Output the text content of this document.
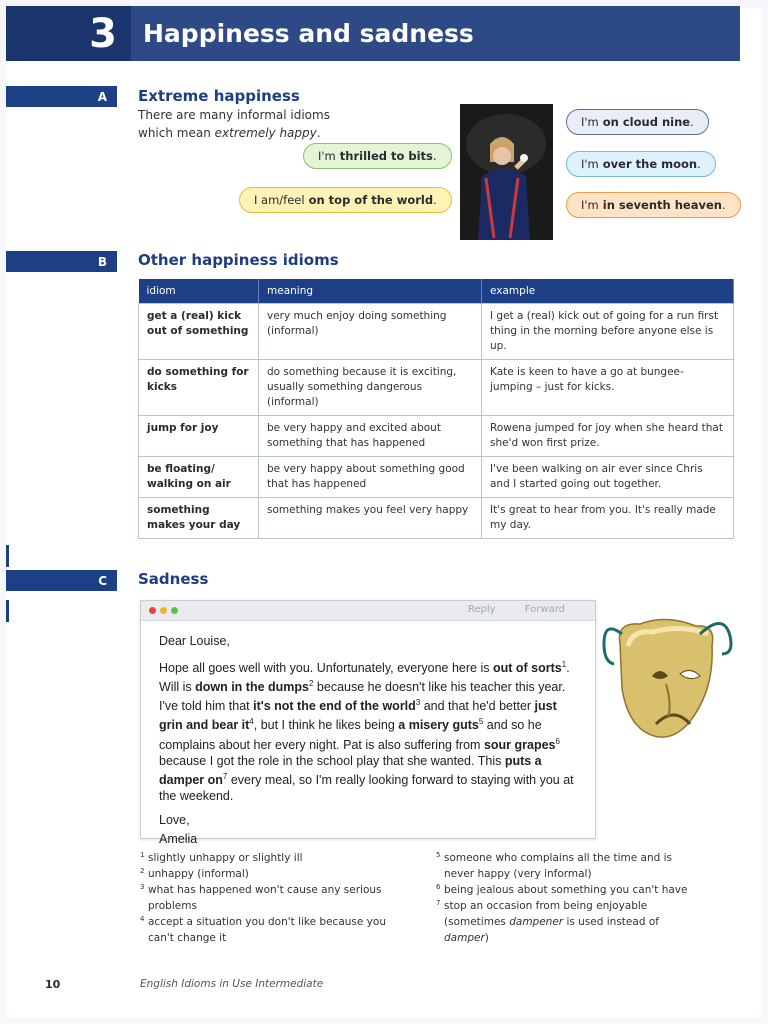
3	Happiness and sadness
A	Extreme happiness
There are many informal idioms which mean extremely happy.
I'm thrilled to bits .
I am/feel on top of the world .
I'm on cloud nine .
I'm over the moon .
I'm in seventh heaven .
B	Other happiness idioms
idiom	meaning	example
get a (real) kick out of something	very much enjoy doing something (informal)	I get a (real) kick out of going for a run first thing in the morning before anyone else is up.
do something for kicks	do something because it is exciting, usually something dangerous (informal)	Kate is keen to have a go at bungee-jumping – just for kicks.
jump for joy	be very happy and excited about something that has happened	Rowena jumped for joy when she heard that she'd won first prize.
be floating/ walking on air	be very happy about something good that has happened	I've been walking on air ever since Chris and I started going out together.
something makes your day	something makes you feel very happy	It's great to hear from you. It's really made my day.
C	Sadness
Reply	Forward

Dear Louise,

Hope all goes well with you. Unfortunately, everyone here is out of sorts$^1$. Will is down in the dumps$^2$ because he doesn't like his teacher this year. I've told him that it's not the end of the world$^3$ and that he'd better just grin and bear $it^4$, but I think he likes being a misery guts$^5$ and so he complains about her every night. Pat is also suffering from sour grapes$^6$ because I got the role in the school play that she wanted. This puts a damper $on^7$ every meal, so I'm really looking forward to staying with you at the weekend.

Love,

Amelia

1 slightly unhappy or slightly ill
2 unhappy (informal)
3 what has happened won't cause any serious problems
4 accept a situation you don't like because you can't change it
5 someone who complains all the time and is never happy (very informal)
6 being jealous about something you can't have
7 stop an occasion from being enjoyable (sometimes dampener is used instead of damper)
10	English Idioms in Use Intermediate
